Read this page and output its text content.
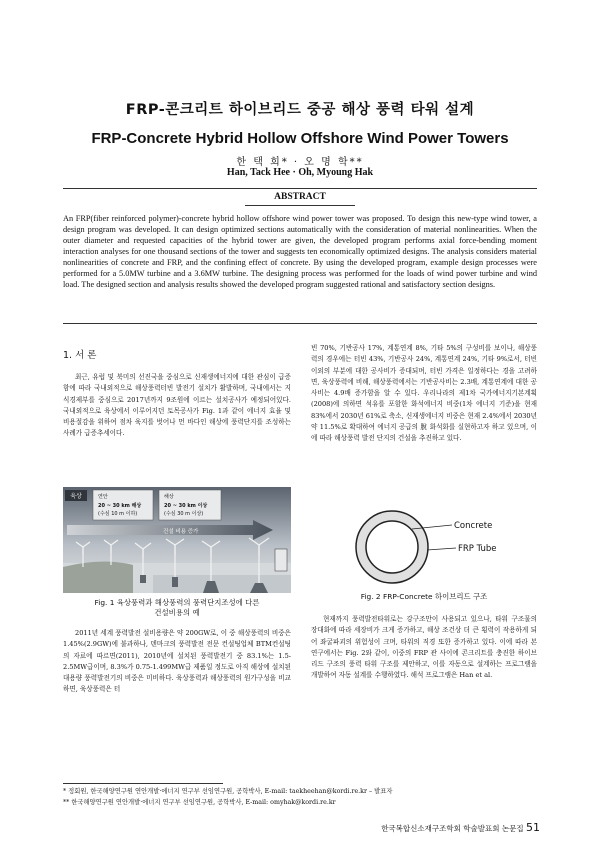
FRP-콘크리트 하이브리드 중공 해상 풍력 타워 설계
FRP-Concrete Hybrid Hollow Offshore Wind Power Towers
한 택 희* · 오 명 학**
Han, Tack Hee · Oh, Myoung Hak
ABSTRACT
An FRP(fiber reinforced polymer)-concrete hybrid hollow offshore wind power tower was proposed. To design this new-type wind tower, a design program was developed. It can design optimized sections automatically with the consideration of material nonlinearities. When the outer diameter and requested capacities of the hybrid tower are given, the developed program performs axial force-bending moment interaction analyses for one thousand sections of the tower and suggests ten economically optimized designs. The analysis considers material nonlinearities of concrete and FRP, and the confining effect of concrete. By using the developed program, example design processes were performed for a 5.0MW turbine and a 3.6MW turbine. The designing process was performed for the loads of wind power turbine and wind load. The designed section and analysis results showed the developed program suggested rational and satisfactory section designs.
1. 서 론
최근, 유럽 및 북미의 선진국을 중심으로 신재생에너지에 대한 관심이 급증함에 따라 국내외적으로 해상풍력터빈 발전기 설치가 활발하며, 국내에서는 지식경제부를 중심으로 2017년까지 9조원에 이르는 설치공사가 예정되어있다. 국내외적으로 육상에서 이루어지던 토목공사가 Fig. 1과 같이 에너지 효율 및 비용절감을 위하여 점차 육지를 벗어나 먼 바다인 해상에 풍력단지를 조성하는 사례가 급증추세이다.
육상	연안
20 ~ 30 km 해상
(수심 10 m 이하)
해상
20 ~ 30 km 이상
(수심 30 m 이상)
건설 비용 증가
Fig. 1 육상풍력과 해상풍력의 풍력단지조성에 다른
건설비용의 예
2011년 세계 풍력발전 설비용량은 약 200GW로, 이 중 해상풍력의 비중은 1.45%(2.9GW)에 불과하나, 덴마크의 풍력발전 전문 컨설팅업체 BTM컨설팅의 자료에 따르면(2011), 2010년에 설치된 풍력발전기 중 83.1%는 1.5-2.5MW급이며, 8.3%가 0.75-1.499MW급 제품일 정도로 아직 해상에 설치된 대용량 풍력발전기의 비중은 미비하다. 육상풍력과 해상풍력의 원가구성을 비교하면, 육상풍력은 터
빈 70%, 기반공사 17%, 계통연계 8%, 기타 5%의 구성비를 보이나, 해상풍력의 경우에는 터빈 43%, 기반공사 24%, 계통연계 24%, 기타 9%로서, 터빈 이외의 부분에 대한 공사비가 증대되며, 터빈 가격은 일정하다는 경을 고려하면, 육상풍력에 비해, 해상풍력에서는 기반공사비는 2.3배, 계통연계에 대한 공사비는 4.9배 증가함을 알 수 있다. 우리나라의 제1차 국가에너지기본계획(2008)에 의하면 석유를 포함한 화석에너지 비중(1차 에너지 기준)을 현재 83%에서 2030년 61%로 축소, 신재생에너지 비중은 현재 2.4%에서 2030년 약 11.5%로 확대하여 에너지 공급의 脫 화석화를 실현하고자 하고 있으며, 이에 따라 해상풍력 발전 단지의 건설을 추진하고 있다.
Concrete
FRP Tube
Fig. 2 FRP-Concrete 하이브리드 구조
현재까지 풍력발전타워로는 강구조만이 사용되고 있으나, 타워 구조물의 장대화에 따라 세장비가 크게 증가하고, 해상 조건상 더 큰 횡력이 작용하게 되어 좌굴파괴의 위험성이 크며, 타워의 직경 또한 증가하고 있다. 이에 따라 본 연구에서는 Fig. 2와 같이, 이중의 FRP 관 사이에 콘크리트를 충진한 하이브리드 구조의 풍력 타워 구조를 제안하고, 이를 자동으로 설계하는 프로그램을 개발하여 자동 설계를 수행하였다. 해석 프로그램은 Han et al.
* 정회원, 한국해양연구원 연안개발·에너지 연구부 선임연구원, 공학박사, E-mail: taekheehan@kordi.re.kr – 발표자
** 한국해양연구원 연안개발·에너지 연구부 선임연구원, 공학박사, E-mail: omyhak@kordi.re.kr
한국복합신소재구조학회 학술발표회 논문집 51
